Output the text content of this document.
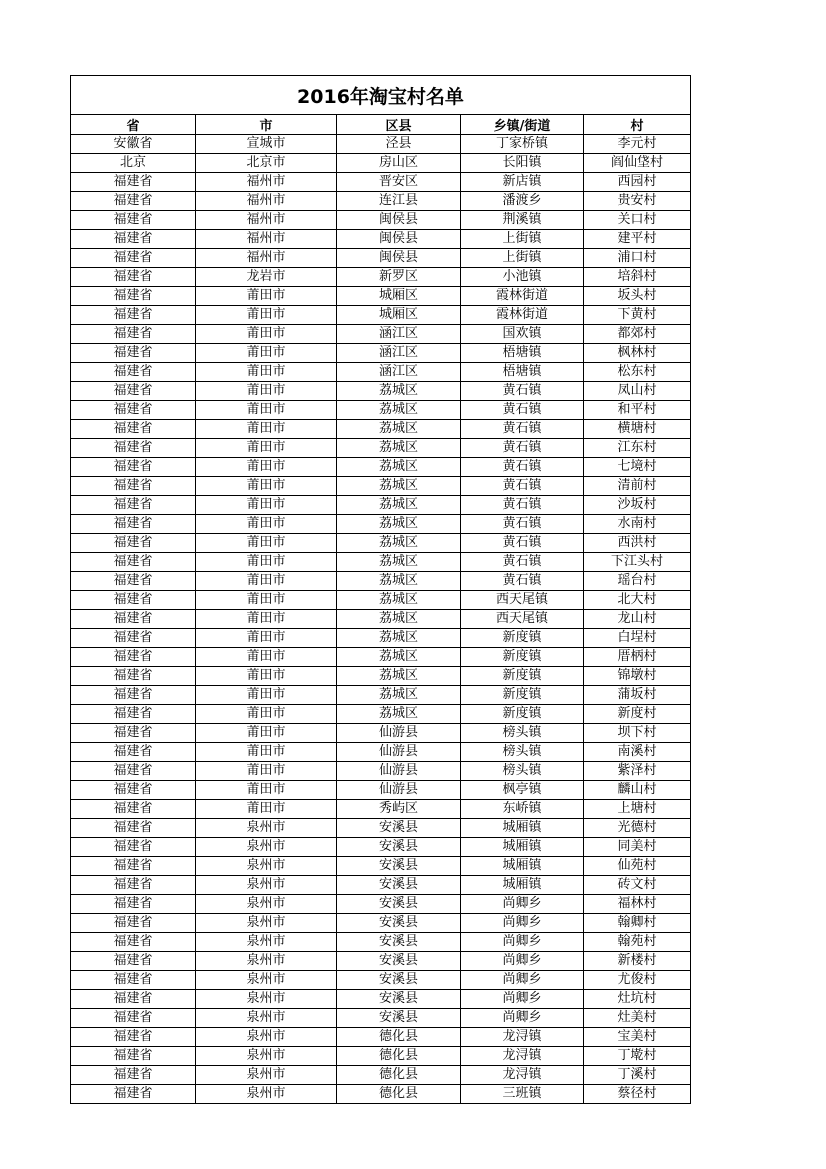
2016年淘宝村名单				
省	市	区县	乡镇/街道	村
安徽省	宣城市	泾县	丁家桥镇	李元村
北京	北京市	房山区	长阳镇	阎仙垡村
福建省	福州市	晋安区	新店镇	西园村
福建省	福州市	连江县	潘渡乡	贵安村
福建省	福州市	闽侯县	荆溪镇	关口村
福建省	福州市	闽侯县	上街镇	建平村
福建省	福州市	闽侯县	上街镇	浦口村
福建省	龙岩市	新罗区	小池镇	培斜村
福建省	莆田市	城厢区	霞林街道	坂头村
福建省	莆田市	城厢区	霞林街道	下黄村
福建省	莆田市	涵江区	国欢镇	都郊村
福建省	莆田市	涵江区	梧塘镇	枫林村
福建省	莆田市	涵江区	梧塘镇	松东村
福建省	莆田市	荔城区	黄石镇	凤山村
福建省	莆田市	荔城区	黄石镇	和平村
福建省	莆田市	荔城区	黄石镇	横塘村
福建省	莆田市	荔城区	黄石镇	江东村
福建省	莆田市	荔城区	黄石镇	七境村
福建省	莆田市	荔城区	黄石镇	清前村
福建省	莆田市	荔城区	黄石镇	沙坂村
福建省	莆田市	荔城区	黄石镇	水南村
福建省	莆田市	荔城区	黄石镇	西洪村
福建省	莆田市	荔城区	黄石镇	下江头村
福建省	莆田市	荔城区	黄石镇	瑶台村
福建省	莆田市	荔城区	西天尾镇	北大村
福建省	莆田市	荔城区	西天尾镇	龙山村
福建省	莆田市	荔城区	新度镇	白埕村
福建省	莆田市	荔城区	新度镇	厝柄村
福建省	莆田市	荔城区	新度镇	锦墩村
福建省	莆田市	荔城区	新度镇	蒲坂村
福建省	莆田市	荔城区	新度镇	新度村
福建省	莆田市	仙游县	榜头镇	坝下村
福建省	莆田市	仙游县	榜头镇	南溪村
福建省	莆田市	仙游县	榜头镇	紫泽村
福建省	莆田市	仙游县	枫亭镇	麟山村
福建省	莆田市	秀屿区	东峤镇	上塘村
福建省	泉州市	安溪县	城厢镇	光德村
福建省	泉州市	安溪县	城厢镇	同美村
福建省	泉州市	安溪县	城厢镇	仙苑村
福建省	泉州市	安溪县	城厢镇	砖文村
福建省	泉州市	安溪县	尚卿乡	福林村
福建省	泉州市	安溪县	尚卿乡	翰卿村
福建省	泉州市	安溪县	尚卿乡	翰苑村
福建省	泉州市	安溪县	尚卿乡	新楼村
福建省	泉州市	安溪县	尚卿乡	尤俊村
福建省	泉州市	安溪县	尚卿乡	灶坑村
福建省	泉州市	安溪县	尚卿乡	灶美村
福建省	泉州市	德化县	龙浔镇	宝美村
福建省	泉州市	德化县	龙浔镇	丁墘村
福建省	泉州市	德化县	龙浔镇	丁溪村
福建省	泉州市	德化县	三班镇	蔡径村
